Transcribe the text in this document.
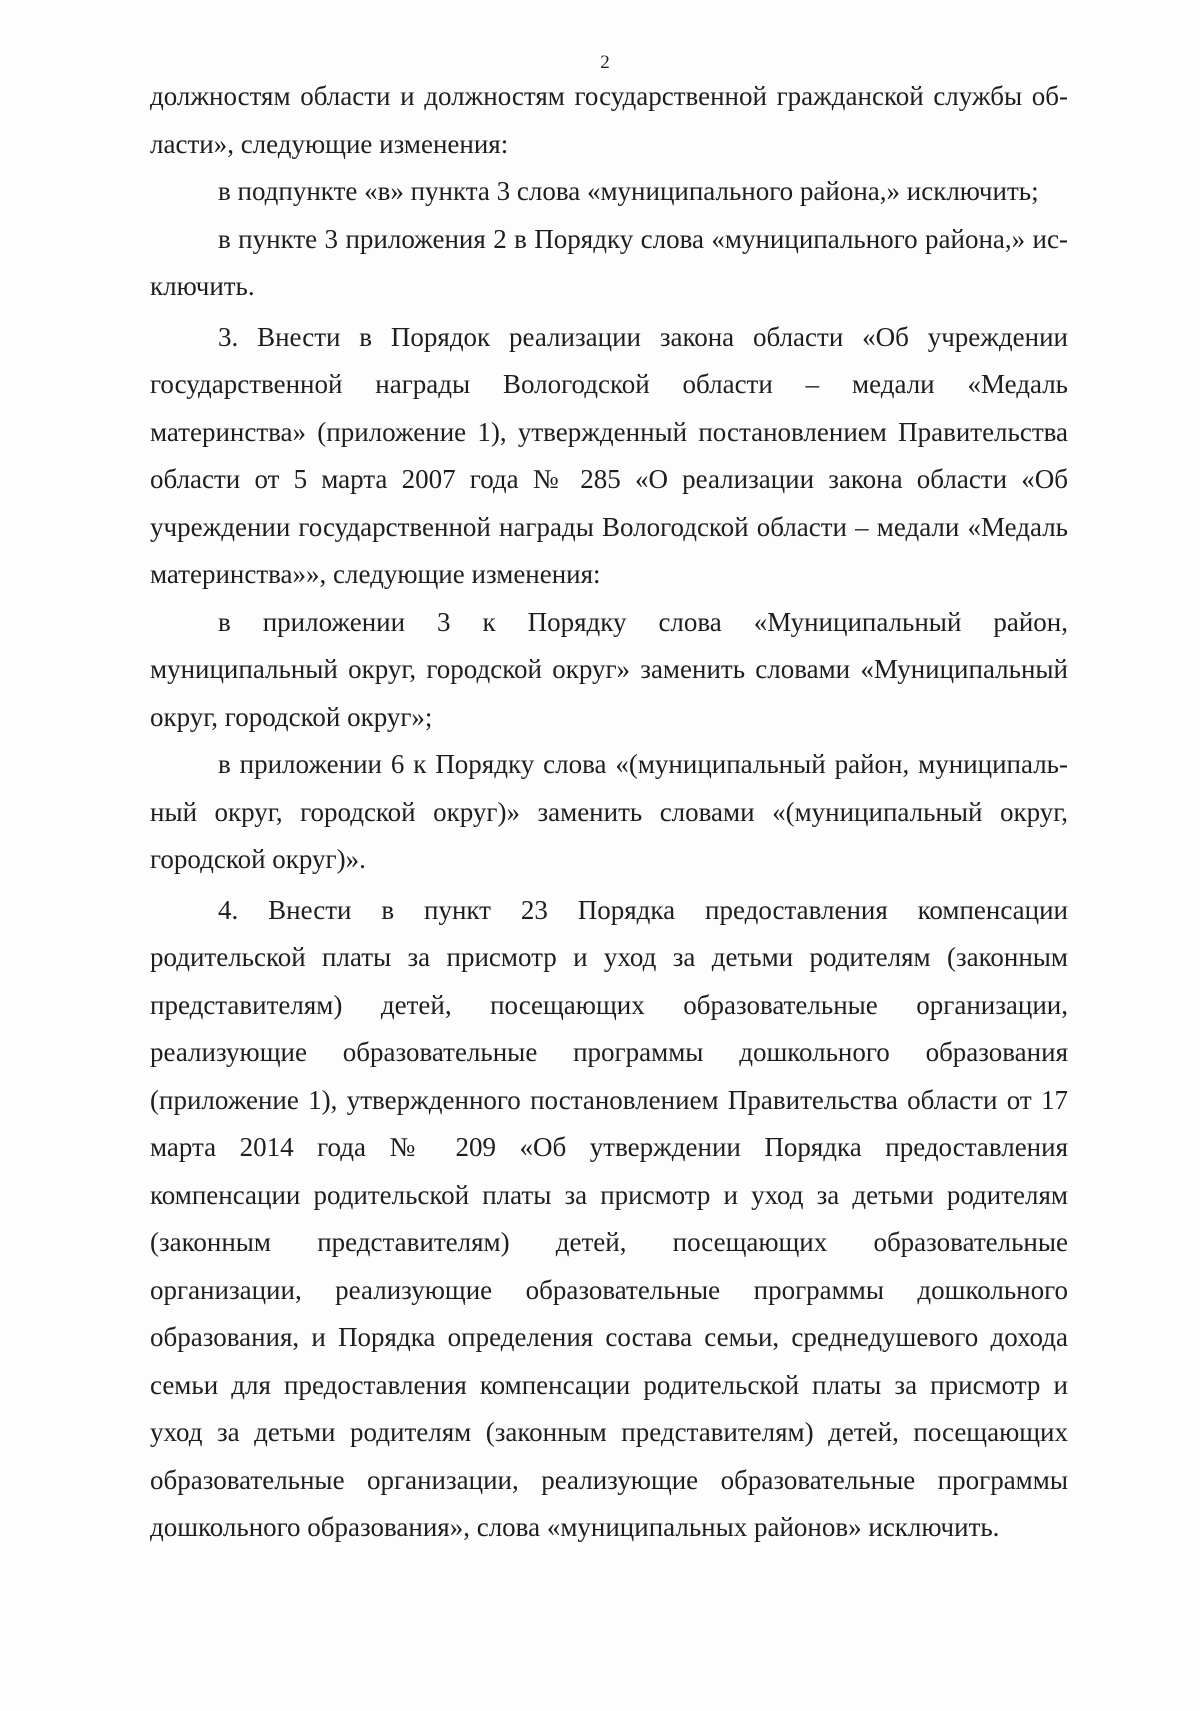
2

должностям области и должностям государственной гражданской службы области», следующие изменения:

в подпункте «в» пункта 3 слова «муниципального района,» исключить;

в пункте 3 приложения 2 в Порядку слова «муниципального района,» исключить.

3. Внести в Порядок реализации закона области «Об учреждении государственной награды Вологодской области – медали «Медаль материнства» (приложение 1), утвержденный постановлением Правительства области от 5 марта 2007 года № 285 «О реализации закона области «Об учреждении государственной награды Вологодской области – медали «Медаль материнства»», следующие изменения:

в приложении 3 к Порядку слова «Муниципальный район, муниципальный округ, городской округ» заменить словами «Муниципальный округ, городской округ»;

в приложении 6 к Порядку слова «(муниципальный район, муниципальный округ, городской округ)» заменить словами «(муниципальный округ, городской округ)».

4. Внести в пункт 23 Порядка предоставления компенсации родительской платы за присмотр и уход за детьми родителям (законным представителям) детей, посещающих образовательные организации, реализующие образовательные программы дошкольного образования (приложение 1), утвержденного постановлением Правительства области от 17 марта 2014 года № 209 «Об утверждении Порядка предоставления компенсации родительской платы за присмотр и уход за детьми родителям (законным представителям) детей, посещающих образовательные организации, реализующие образовательные программы дошкольного образования, и Порядка определения состава семьи, среднедушевого дохода семьи для предоставления компенсации родительской платы за присмотр и уход за детьми родителям (законным представителям) детей, посещающих образовательные организации, реализующие образовательные программы дошкольного образования», слова «муниципальных районов» исключить.
